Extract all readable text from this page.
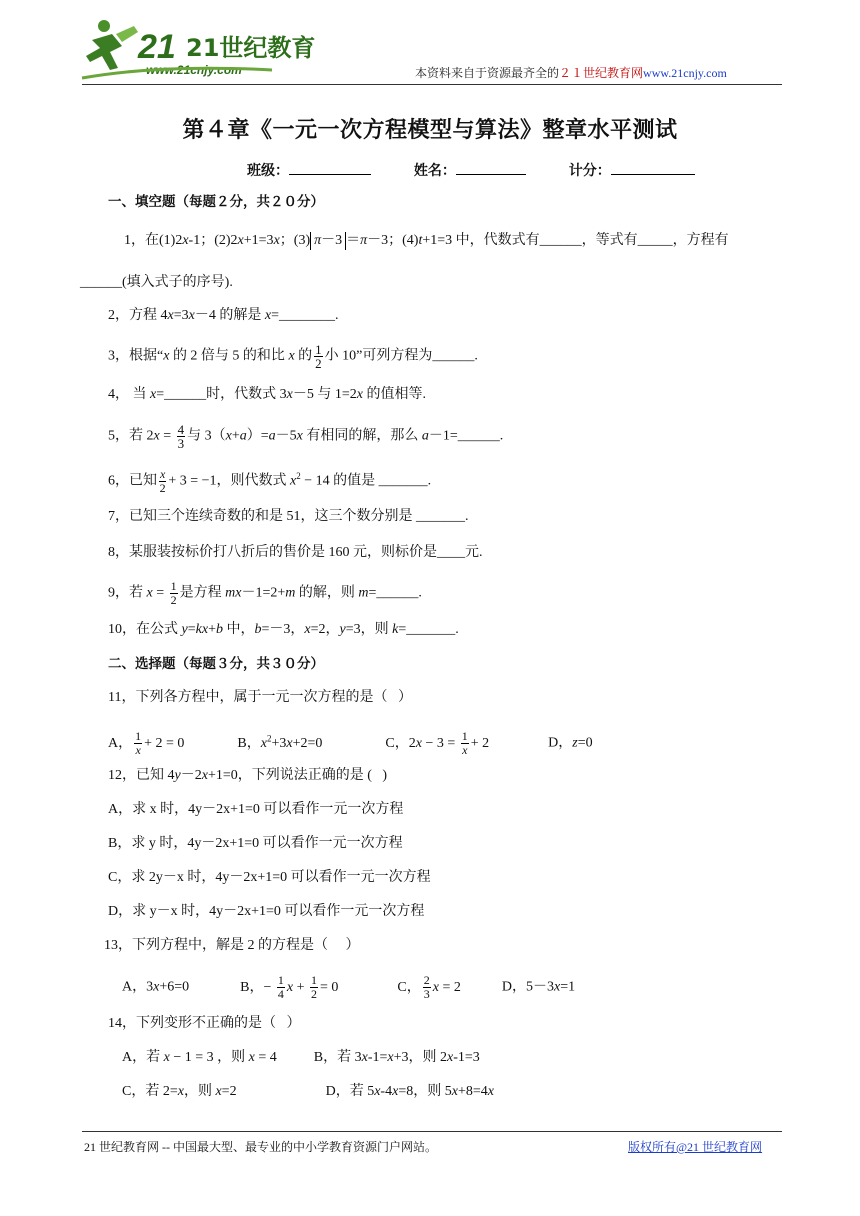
21 21世纪教育
www.21cnjy.com	本资料来自于资源最齐全的２１世纪教育网www.21cnjy.com
第４章《一元一次方程模型与算法》整章水平测试
班级：	姓名：	计分：
一、填空题（每题２分，共２０分）
1，在(1)2x-1；(2)2x+1=3x；(3) π－3 ＝π－3；(4)t+1=3 中，代数式有______，等式有_____，方程有
______(填入式子的序号).
2，方程 4x=3x－4 的解是 x=________.
3，根据“x 的 2 倍与 5 的和比 x 的 $\frac{1}{2}$ 小 10”可列方程为______.
4， 当 x=______时，代数式 3x－5 与 1=2x 的值相等.
5，若 $2x = \frac{4}{3}$ 与 3（x+a）=a－5x 有相同的解，那么 a－1=______.
6，已知 $\frac{x}{2} + 3 = -1$，则代数式 $x^2 - 14$ 的值是 _______.
7，已知三个连续奇数的和是 51，这三个数分别是 _______.
8，某服装按标价打八折后的售价是 160 元，则标价是____元.
9，若 $x = \frac{1}{2}$ 是方程 mx－1=2+m 的解，则 m=______.
10，在公式 y=kx+b 中，b=－3，x=2，y=3，则 k=_______.
二、选择题（每题３分，共３０分）
11，下列各方程中，属于一元一次方程的是（   ）
A， $\frac{1}{x} + 2 = 0$	B，$x^2+3x+2=0$	C，$2x - 3 = \frac{1}{x} + 2$	D，z=0
12，已知 4y－2x+1=0，下列说法正确的是 (   )
A，求 x 时，4y－2x+1=0 可以看作一元一次方程
B，求 y 时，4y－2x+1=0 可以看作一元一次方程
C，求 2y－x 时，4y－2x+1=0 可以看作一元一次方程
D，求 y－x 时，4y－2x+1=0 可以看作一元一次方程
13，下列方程中，解是 2 的方程是（     ）
A，3x+6=0	B，− $\frac{1}{4}$ $x + \frac{1}{2} = 0$	C， $\frac{2}{3}$ x = 2	D，5－3x=1
14，下列变形不正确的是（   ）
A，若 x − 1 = 3 ，则 x = 4	B，若 3x-1=x+3，则 2x-1=3
C，若 2=x，则 x=2	D，若 5x-4x=8，则 5x+8=4x
21 世纪教育网 -- 中国最大型、最专业的中小学教育资源门户网站。	版权所有@21 世纪教育网
